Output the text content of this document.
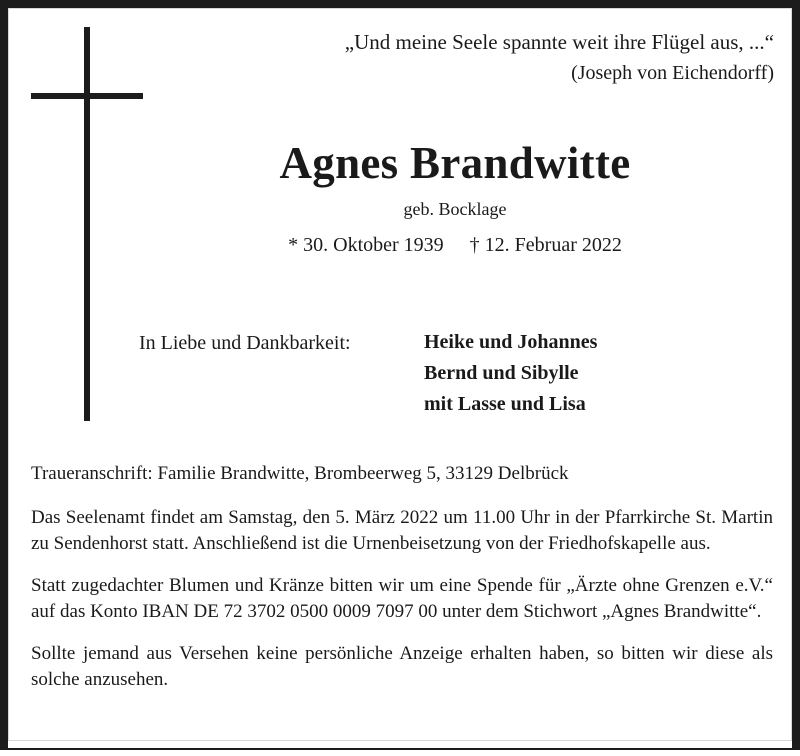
„Und meine Seele spannte weit ihre Flügel aus, ...“
(Joseph von Eichendorff)
Agnes Brandwitte
geb. Bocklage
* 30. Oktober 1939 † 12. Februar 2022
In Liebe und Dankbarkeit:	Heike und Johannes
Bernd und Sibylle
mit Lasse und Lisa

Traueranschrift: Familie Brandwitte, Brombeerweg 5, 33129 Delbrück

Das Seelenamt findet am Samstag, den 5. März 2022 um 11.00 Uhr in der Pfarrkirche St. Martin zu Sendenhorst statt. Anschließend ist die Urnenbeisetzung von der Friedhofskapelle aus.

Statt zugedachter Blumen und Kränze bitten wir um eine Spende für „Ärzte ohne Grenzen e.V.“ auf das Konto IBAN DE 72 3702 0500 0009 7097 00 unter dem Stichwort „Agnes Brandwitte“.

Sollte jemand aus Versehen keine persönliche Anzeige erhalten haben, so bitten wir diese als solche anzusehen.
